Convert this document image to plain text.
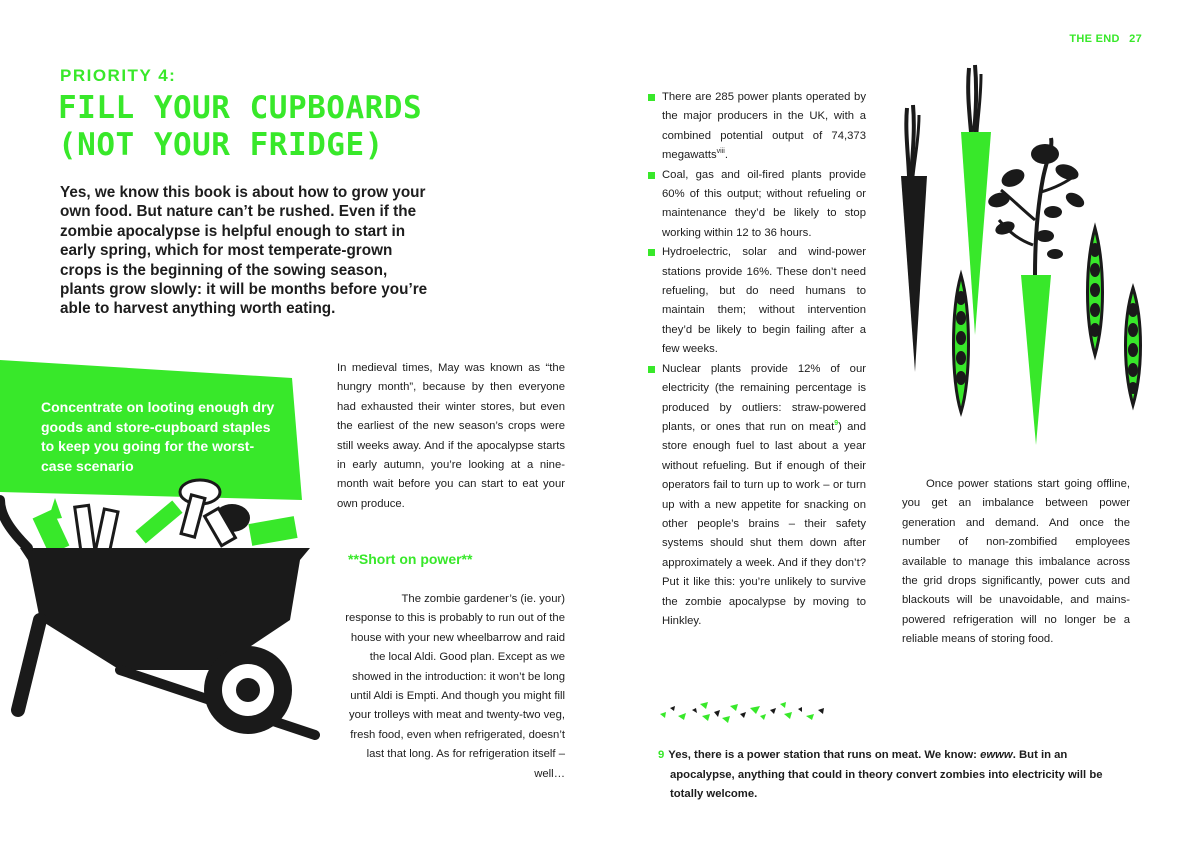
THE END 27
PRIORITY 4:
FILL YOUR CUPBOARDS
(NOT YOUR FRIDGE)

Yes, we know this book is about how to grow your own food. But nature can’t be rushed. Even if the zombie apocalypse is helpful enough to start in early spring, which for most temperate-grown crops is the beginning of the sowing season, plants grow slowly: it will be months before you’re able to harvest anything worth eating.

Concentrate on looting enough dry goods and store-cupboard staples to keep you going for the worst-case scenario

In medieval times, May was known as “the hungry month”, because by then everyone had exhausted their winter stores, but even the earliest of the new season’s crops were still weeks away. And if the apocalypse starts in early autumn, you’re looking at a nine-month wait before you can start to eat your own produce.

**Short on power**

The zombie gardener’s (ie. your) response to this is probably to run out of the house with your new wheelbarrow and raid the local Aldi. Good plan. Except as we showed in the introduction: it won’t be long until Aldi is Empti. And though you might fill your trolleys with meat and twenty-two veg, fresh food, even when refrigerated, doesn’t last that long. As for refrigeration itself – well…

There are 285 power plants operated by the major producers in the UK, with a combined potential output of 74,373 megawatts$^{viii}$.
Coal, gas and oil-fired plants provide 60% of this output; without refueling or maintenance they’d be likely to stop working within 12 to 36 hours.
Hydroelectric, solar and wind-power stations provide 16%. These don’t need refueling, but do need humans to maintain them; without intervention they’d be likely to begin failing after a few weeks.
Nuclear plants provide 12% of our electricity (the remaining percentage is produced by outliers: straw-powered plants, or ones that run on meat$^9$) and store enough fuel to last about a year without refueling. But if enough of their operators fail to turn up to work – or turn up with a new appetite for snacking on other people’s brains – their safety systems should shut them down after approximately a week. And if they don’t? Put it like this: you’re unlikely to survive the zombie apocalypse by moving to Hinkley.

Once power stations start going offline, you get an imbalance between power generation and demand. And once the number of non-zombified employees available to manage this imbalance across the grid drops significantly, power cuts and blackouts will be unavoidable, and mains-powered refrigeration will no longer be a reliable means of storing food.

9 Yes, there is a power station that runs on meat. We know: ewww. But in an apocalypse, anything that could in theory convert zombies into electricity will be totally welcome.
